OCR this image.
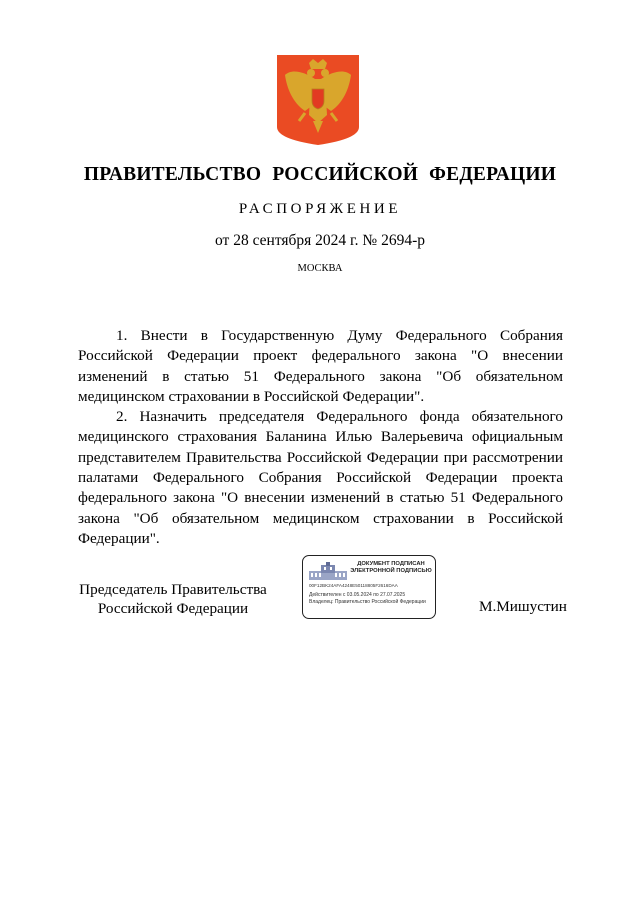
ПРАВИТЕЛЬСТВО РОССИЙСКОЙ ФЕДЕРАЦИИ
РАСПОРЯЖЕНИЕ
от 28 сентября 2024 г. № 2694-р
МОСКВА

1. Внести в Государственную Думу Федерального Собрания Российской Федерации проект федерального закона "О внесении изменений в статью 51 Федерального закона "Об обязательном медицинском страховании в Российской Федерации".

2. Назначить председателя Федерального фонда обязательного медицинского страхования Баланина Илью Валерьевича официальным представителем Правительства Российской Федерации при рассмотрении палатами Федерального Собрания Российской Федерации проекта федерального закона "О внесении изменений в статью 51 Федерального закона "Об обязательном медицинском страховании в Российской Федерации".

Председатель Правительства
Российской Федерации
ДОКУМЕНТ ПОДПИСАН
ЭЛЕКТРОННОЙ ПОДПИСЬЮ
00F12BK24AFA4248E50118805F2616DAA
Действителен с 03.05.2024 по 27.07.2025
Владелец: Правительство Российской Федерации	М.Мишустин
